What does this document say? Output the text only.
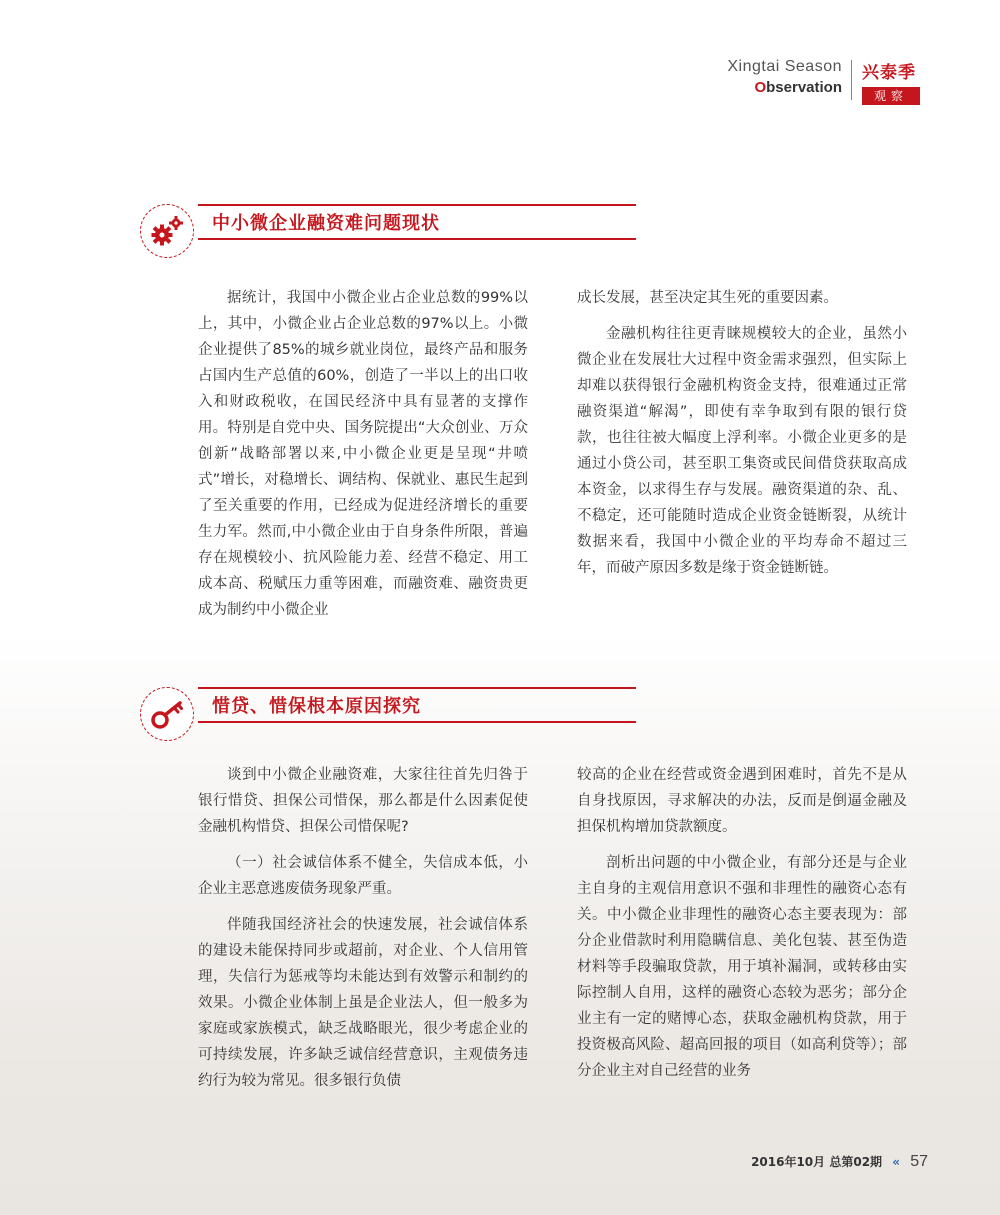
Xingtai Season
Observation
兴泰季
观察
中小微企业融资难问题现状

据统计，我国中小微企业占企业总数的99%以上，其中，小微企业占企业总数的97%以上。小微企业提供了85%的城乡就业岗位，最终产品和服务占国内生产总值的60%，创造了一半以上的出口收入和财政税收，在国民经济中具有显著的支撑作用。特别是自党中央、国务院提出“大众创业、万众创新”战略部署以来,中小微企业更是呈现“井喷式”增长，对稳增长、调结构、保就业、惠民生起到了至关重要的作用，已经成为促进经济增长的重要生力军。然而,中小微企业由于自身条件所限，普遍存在规模较小、抗风险能力差、经营不稳定、用工成本高、税赋压力重等困难，而融资难、融资贵更成为制约中小微企业

成长发展，甚至决定其生死的重要因素。

金融机构往往更青睐规模较大的企业，虽然小微企业在发展壮大过程中资金需求强烈，但实际上却难以获得银行金融机构资金支持，很难通过正常融资渠道“解渴”，即使有幸争取到有限的银行贷款，也往往被大幅度上浮利率。小微企业更多的是通过小贷公司，甚至职工集资或民间借贷获取高成本资金，以求得生存与发展。融资渠道的杂、乱、不稳定，还可能随时造成企业资金链断裂，从统计数据来看，我国中小微企业的平均寿命不超过三年，而破产原因多数是缘于资金链断链。

惜贷、惜保根本原因探究

谈到中小微企业融资难，大家往往首先归咎于银行惜贷、担保公司惜保，那么都是什么因素促使金融机构惜贷、担保公司惜保呢?

（一）社会诚信体系不健全，失信成本低，小企业主恶意逃废债务现象严重。

伴随我国经济社会的快速发展，社会诚信体系的建设未能保持同步或超前，对企业、个人信用管理，失信行为惩戒等均未能达到有效警示和制约的效果。小微企业体制上虽是企业法人，但一般多为家庭或家族模式，缺乏战略眼光，很少考虑企业的可持续发展，许多缺乏诚信经营意识，主观债务违约行为较为常见。很多银行负债

较高的企业在经营或资金遇到困难时，首先不是从自身找原因，寻求解决的办法，反而是倒逼金融及担保机构增加贷款额度。

剖析出问题的中小微企业，有部分还是与企业主自身的主观信用意识不强和非理性的融资心态有关。中小微企业非理性的融资心态主要表现为：部分企业借款时利用隐瞒信息、美化包装、甚至伪造材料等手段骗取贷款，用于填补漏洞，或转移由实际控制人自用，这样的融资心态较为恶劣；部分企业主有一定的赌博心态，获取金融机构贷款，用于投资极高风险、超高回报的项目（如高利贷等）；部分企业主对自己经营的业务

2016年10月 总第02期 « 57
